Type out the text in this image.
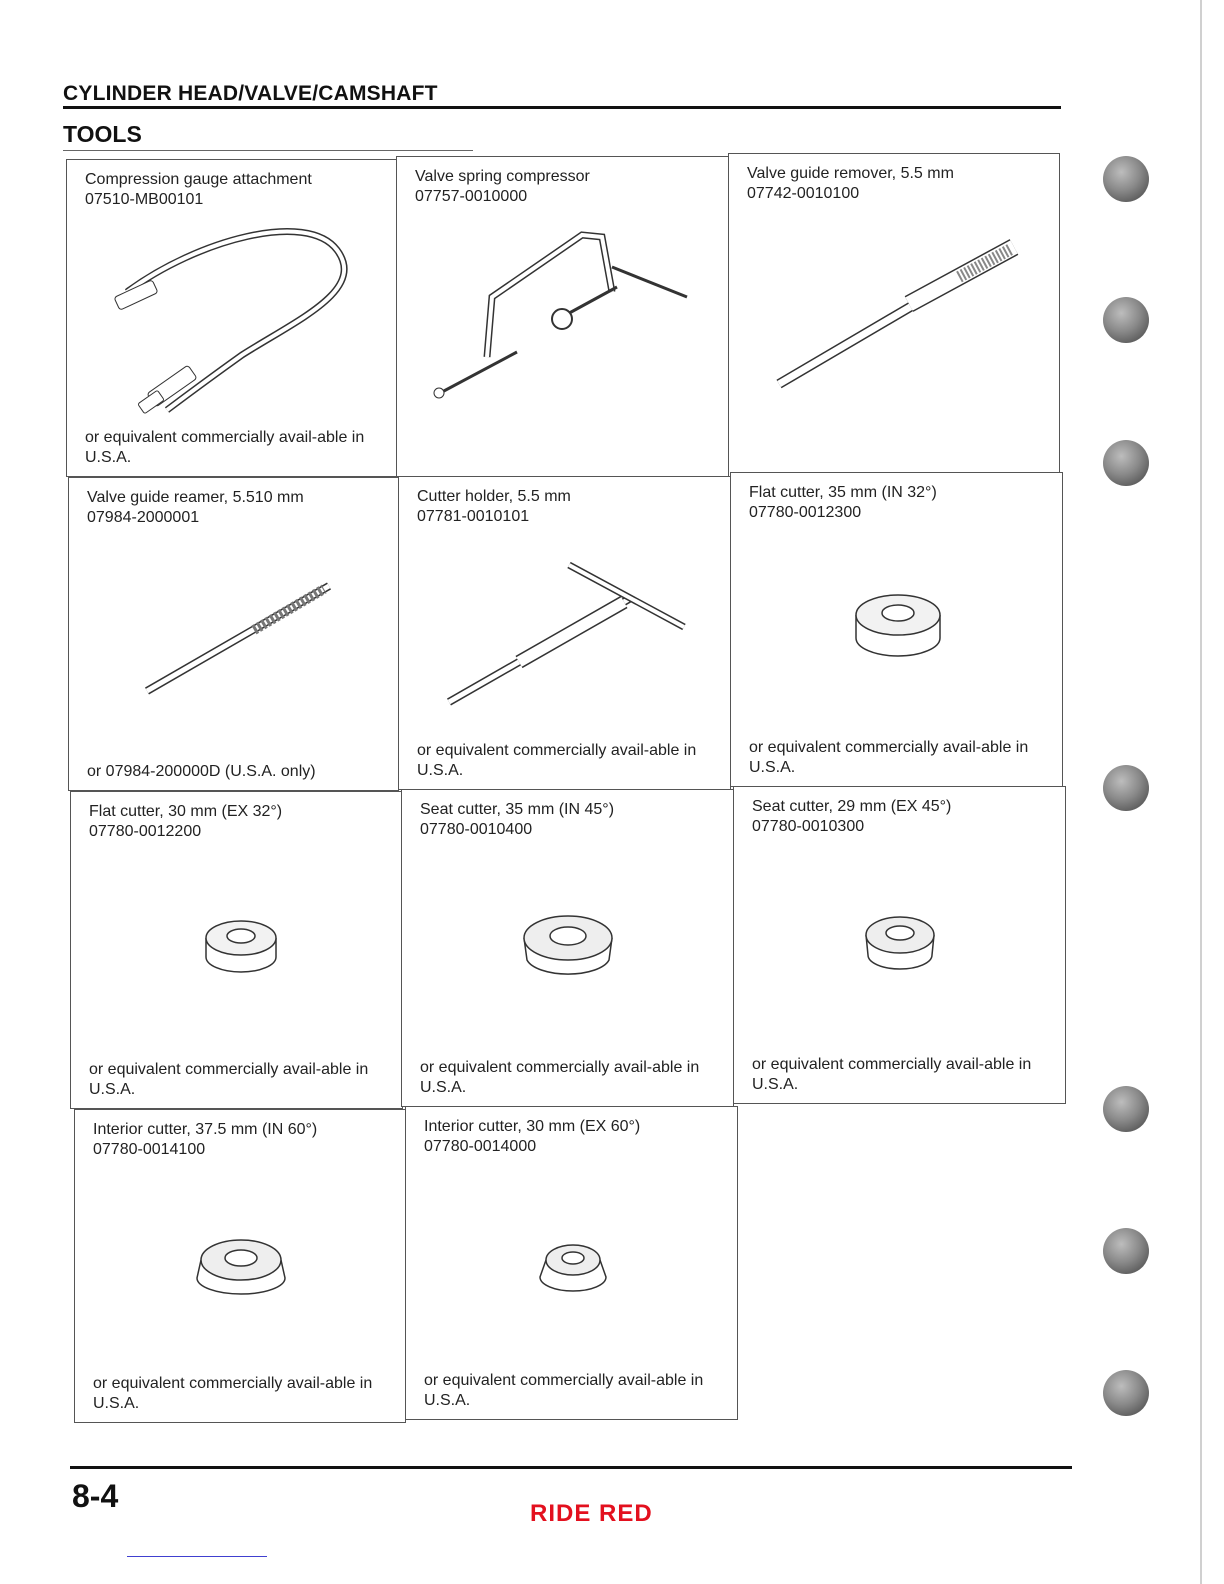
CYLINDER HEAD/VALVE/CAMSHAFT
TOOLS
Compression gauge attachment
07510-MB00101
or equivalent commercially avail-able in U.S.A.
Valve spring compressor
07757-0010000
Valve guide remover, 5.5 mm
07742-0010100
Valve guide reamer, 5.510 mm
07984-2000001
or 07984-200000D (U.S.A. only)
Cutter holder, 5.5 mm
07781-0010101
or equivalent commercially avail-able in U.S.A.
Flat cutter, 35 mm (IN 32°)
07780-0012300
or equivalent commercially avail-able in U.S.A.
Flat cutter, 30 mm (EX 32°)
07780-0012200
or equivalent commercially avail-able in U.S.A.
Seat cutter, 35 mm (IN 45°)
07780-0010400
or equivalent commercially avail-able in U.S.A.
Seat cutter, 29 mm (EX 45°)
07780-0010300
or equivalent commercially avail-able in U.S.A.
Interior cutter, 37.5 mm (IN 60°)
07780-0014100
or equivalent commercially avail-able in U.S.A.
Interior cutter, 30 mm (EX 60°)
07780-0014000
or equivalent commercially avail-able in U.S.A.
8-4	RIDE RED
